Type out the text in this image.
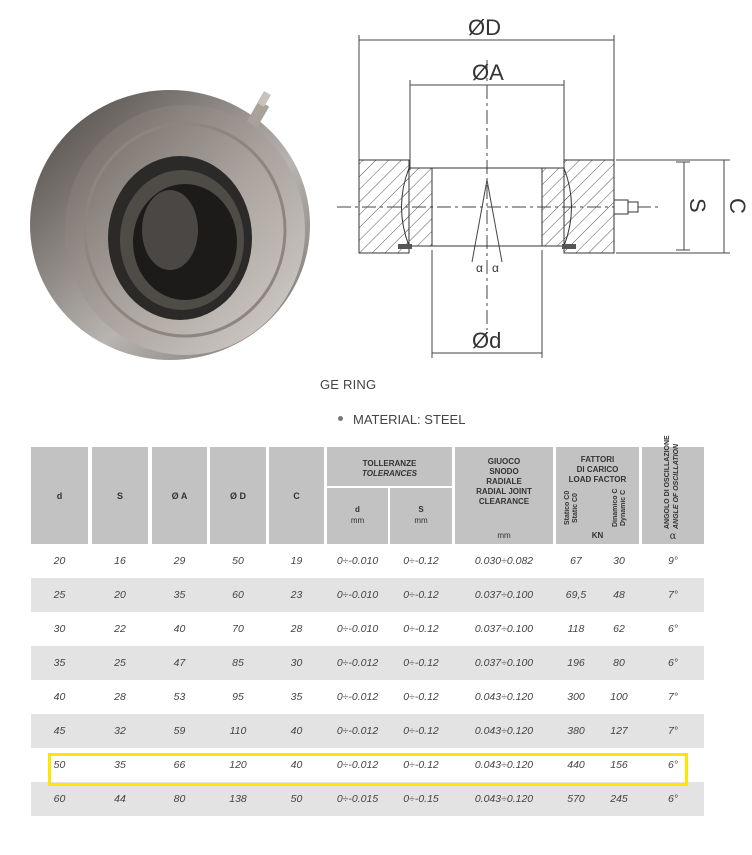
ØD
ØA
Ød
S C
α α
GE RING
MATERIAL: STEEL
d	S	Ø A	Ø D	C
TOLLERANZE
TOLERANCES
d
mm
S
mm
GIUOCO
SNODO
RADIALE
RADIAL JOINT
CLEARANCE
mm
FATTORI
DI CARICO
LOAD FACTOR
Statico C0 Static C0	Dinamico C Dynamic C
KN
ANGOLO DI OSCILLAZIONE ANGLE OF OSCILLATION
α
20	16	29	50	19	0÷-0.010	0÷-0.12	0.030÷0.082	67	30	9°
25	20	35	60	23	0÷-0.010	0÷-0.12	0.037÷0.100	69,5	48	7°
30	22	40	70	28	0÷-0.010	0÷-0.12	0.037÷0.100	118	62	6°
35	25	47	85	30	0÷-0.012	0÷-0.12	0.037÷0.100	196	80	6°
40	28	53	95	35	0÷-0.012	0÷-0.12	0.043÷0.120	300	100	7°
45	32	59	110	40	0÷-0.012	0÷-0.12	0.043÷0.120	380	127	7°
50	35	66	120	40	0÷-0.012	0÷-0.12	0.043÷0.120	440	156	6°
60	44	80	138	50	0÷-0.015	0÷-0.15	0.043÷0.120	570	245	6°
